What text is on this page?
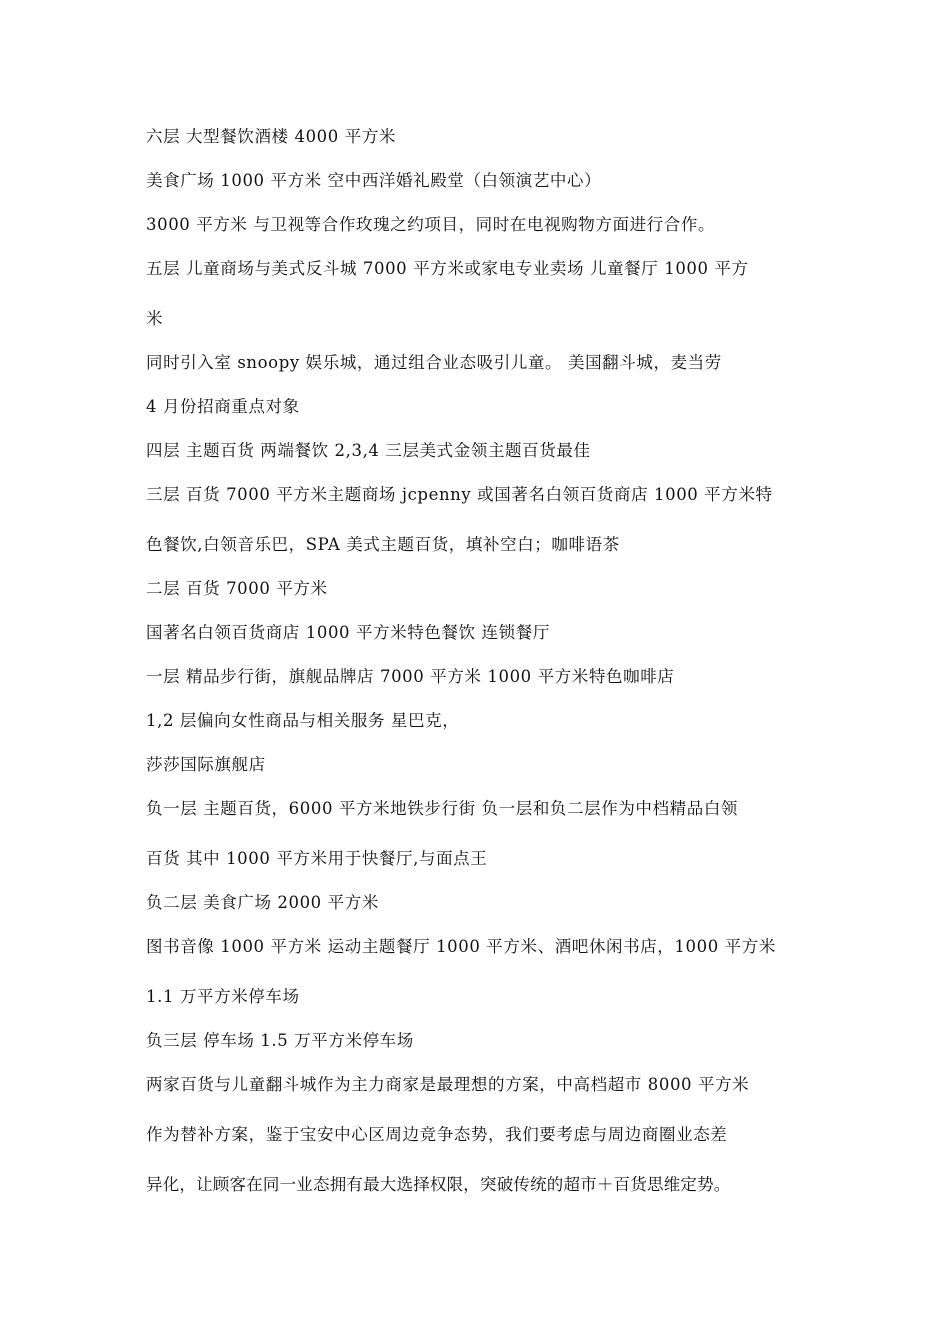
六层 大型餐饮酒楼 4000 平方米
美食广场 1000 平方米 空中西洋婚礼殿堂（白领演艺中心）
3000 平方米 与卫视等合作玫瑰之约项目，同时在电视购物方面进行合作。
五层 儿童商场与美式反斗城 7000 平方米或家电专业卖场 儿童餐厅 1000 平方
米
同时引入室 snoopy 娱乐城，通过组合业态吸引儿童。 美国翻斗城，麦当劳
4 月份招商重点对象
四层 主题百货 两端餐饮 2,3,4 三层美式金领主题百货最佳
三层 百货 7000 平方米主题商场 jcpenny 或国著名白领百货商店 1000 平方米特
色餐饮,白领音乐巴，SPA 美式主题百货，填补空白；咖啡语茶
二层 百货 7000 平方米
国著名白领百货商店 1000 平方米特色餐饮 连锁餐厅
一层 精品步行街，旗舰品牌店 7000 平方米 1000 平方米特色咖啡店
1,2 层偏向女性商品与相关服务 星巴克，
莎莎国际旗舰店
负一层 主题百货，6000 平方米地铁步行街 负一层和负二层作为中档精品白领
百货 其中 1000 平方米用于快餐厅,与面点王
负二层 美食广场 2000 平方米
图书音像 1000 平方米 运动主题餐厅 1000 平方米、酒吧休闲书店，1000 平方米
1.1 万平方米停车场
负三层 停车场 1.5 万平方米停车场
两家百货与儿童翻斗城作为主力商家是最理想的方案，中高档超市 8000 平方米
作为替补方案，鉴于宝安中心区周边竞争态势，我们要考虑与周边商圈业态差
异化，让顾客在同一业态拥有最大选择权限，突破传统的超市＋百货思维定势。
